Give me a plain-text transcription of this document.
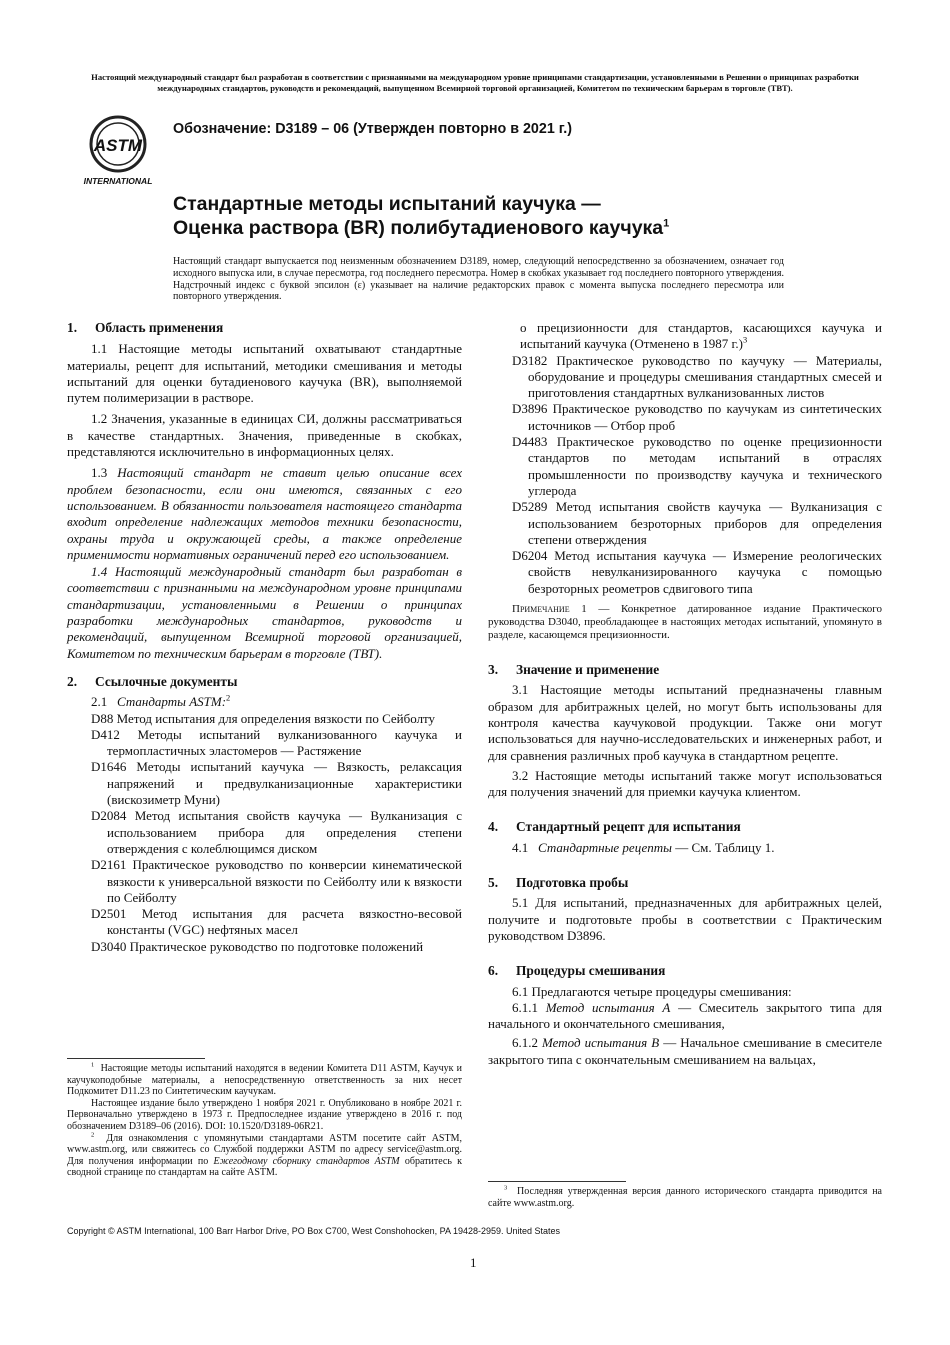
Настоящий международный стандарт был разработан в соответствии с признанными на международном уровне принципами стандартизации, установленными в Решении о принципах разработки международных стандартов, руководств и рекомендаций, выпущенном Всемирной торговой организацией, Комитетом по техническим барьерам в торговле (ТВТ).
ASTM
INTERNATIONAL
Обозначение: D3189 – 06 (Утвержден повторно в 2021 г.)
Стандартные методы испытаний каучука —
Оценка раствора (BR) полибутадиенового каучука$^1$
Настоящий стандарт выпускается под неизменным обозначением D3189, номер, следующий непосредственно за обозначением, означает год исходного выпуска или, в случае пересмотра, год последнего пересмотра. Номер в скобках указывает год последнего повторного утверждения. Надстрочный индекс с буквой эпсилон (ε) указывает на наличие редакторских правок с момента выпуска последнего пересмотра или повторного утверждения.
1. Область применения

1.1 Настоящие методы испытаний охватывают стандартные материалы, рецепт для испытаний, методики смешивания и методы испытаний для оценки бутадиенового каучука (BR), выполняемой путем полимеризации в растворе.

1.2 Значения, указанные в единицах СИ, должны рассматриваться в качестве стандартных. Значения, приведенные в скобках, представляются исключительно в информационных целях.

1.3 Настоящий стандарт не ставит целью описание всех проблем безопасности, если они имеются, связанных с его использованием. В обязанности пользователя настоящего стандарта входит определение надлежащих методов техники безопасности, охраны труда и окружающей среды, а также определение применимости нормативных ограничений перед его использованием.

1.4 Настоящий международный стандарт был разработан в соответствии с признанными на международном уровне принципами стандартизации, установленными в Решении о принципах разработки международных стандартов, руководств и рекомендаций, выпущенном Всемирной торговой организацией, Комитетом по техническим барьерам в торговле (ТВТ).

2. Ссылочные документы

2.1 Стандарты ASTM:$^2$

D88 Метод испытания для определения вязкости по Сейболту

D412 Методы испытаний вулканизованного каучука и термопластичных эластомеров — Растяжение

D1646 Методы испытаний каучука — Вязкость, релаксация напряжений и предвулканизационные характеристики (вискозиметр Муни)

D2084 Метод испытания свойств каучука — Вулканизация с использованием прибора для определения степени отверждения с колеблющимся диском

D2161 Практическое руководство по конверсии кинематической вязкости к универсальной вязкости по Сейболту или к вязкости по Сейболту

D2501 Метод испытания для расчета вязкостно-весовой константы (VGC) нефтяных масел

D3040 Практическое руководство по подготовке положений

$^1$ Настоящие методы испытаний находятся в ведении Комитета D11 ASTM, Каучук и каучукоподобные материалы, а непосредственную ответственность за них несет Подкомитет D11.23 по Синтетическим каучукам.

Настоящее издание было утверждено 1 ноября 2021 г. Опубликовано в ноябре 2021 г. Первоначально утверждено в 1973 г. Предпоследнее издание утверждено в 2016 г. под обозначением D3189–06 (2016). DOI: 10.1520/D3189-06R21.

$^2$ Для ознакомления с упомянутыми стандартами ASTM посетите сайт ASTM, www.astm.org, или свяжитесь со Службой поддержки ASTM по адресу service@astm.org. Для получения информации по Ежегодному сборнику стандартов ASTM обратитесь к сводной странице по стандартам на сайте ASTM.

о прецизионности для стандартов, касающихся каучука и испытаний каучука (Отменено в 1987 г.)$^3$

D3182 Практическое руководство по каучуку — Материалы, оборудование и процедуры смешивания стандартных смесей и приготовления стандартных вулканизованных листов

D3896 Практическое руководство по каучукам из синтетических источников — Отбор проб

D4483 Практическое руководство по оценке прецизионности стандартов по методам испытаний в отраслях промышленности по производству каучука и технического углерода

D5289 Метод испытания свойств каучука — Вулканизация с использованием безроторных приборов для определения степени отверждения

D6204 Метод испытания каучука — Измерение реологических свойств невулканизированного каучука с помощью безроторных реометров сдвигового типа

Примечание 1 — Конкретное датированное издание Практического руководства D3040, преобладающее в настоящих методах испытаний, упомянуто в разделе, касающемся прецизионности.

3. Значение и применение

3.1 Настоящие методы испытаний предназначены главным образом для арбитражных целей, но могут быть использованы для контроля качества каучуковой продукции. Также они могут использоваться для научно-исследовательских и инженерных работ, и для сравнения различных проб каучука в стандартном рецепте.

3.2 Настоящие методы испытаний также могут использоваться для получения значений для приемки каучука клиентом.

4. Стандартный рецепт для испытания

4.1 Стандартные рецепты — См. Таблицу 1.

5. Подготовка пробы

5.1 Для испытаний, предназначенных для арбитражных целей, получите и подготовьте пробы в соответствии с Практическим руководством D3896.

6. Процедуры смешивания

6.1 Предлагаются четыре процедуры смешивания:

6.1.1 Метод испытания A — Смеситель закрытого типа для начального и окончательного смешивания,

6.1.2 Метод испытания B — Начальное смешивание в смесителе закрытого типа с окончательным смешиванием на вальцах,

$^3$ Последняя утвержденная версия данного исторического стандарта приводится на сайте www.astm.org.

Copyright © ASTM International, 100 Barr Harbor Drive, PO Box C700, West Conshohocken, PA 19428-2959. United States
1
